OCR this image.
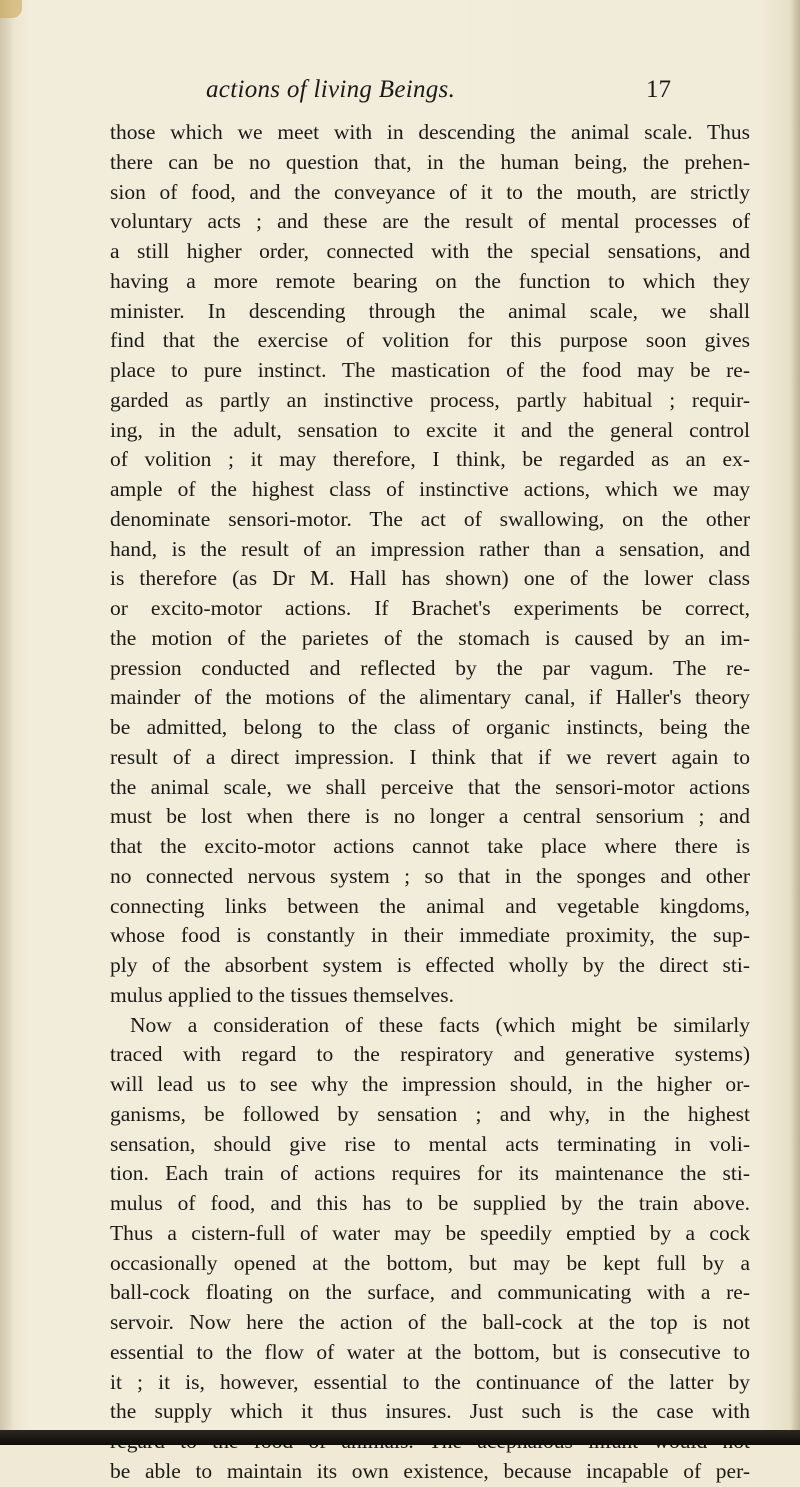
actions of living Beings.	17
those which we meet with in descending the animal scale. Thus
there can be no question that, in the human being, the prehen-
sion of food, and the conveyance of it to the mouth, are strictly
voluntary acts ; and these are the result of mental processes of
a still higher order, connected with the special sensations, and
having a more remote bearing on the function to which they
minister. In descending through the animal scale, we shall
find that the exercise of volition for this purpose soon gives
place to pure instinct. The mastication of the food may be re-
garded as partly an instinctive process, partly habitual ; requir-
ing, in the adult, sensation to excite it and the general control
of volition ; it may therefore, I think, be regarded as an ex-
ample of the highest class of instinctive actions, which we may
denominate sensori-motor. The act of swallowing, on the other
hand, is the result of an impression rather than a sensation, and
is therefore (as Dr M. Hall has shown) one of the lower class
or excito-motor actions. If Brachet's experiments be correct,
the motion of the parietes of the stomach is caused by an im-
pression conducted and reflected by the par vagum. The re-
mainder of the motions of the alimentary canal, if Haller's theory
be admitted, belong to the class of organic instincts, being the
result of a direct impression. I think that if we revert again to
the animal scale, we shall perceive that the sensori-motor actions
must be lost when there is no longer a central sensorium ; and
that the excito-motor actions cannot take place where there is
no connected nervous system ; so that in the sponges and other
connecting links between the animal and vegetable kingdoms,
whose food is constantly in their immediate proximity, the sup-
ply of the absorbent system is effected wholly by the direct sti-
mulus applied to the tissues themselves.
Now a consideration of these facts (which might be similarly
traced with regard to the respiratory and generative systems)
will lead us to see why the impression should, in the higher or-
ganisms, be followed by sensation ; and why, in the highest
sensation, should give rise to mental acts terminating in voli-
tion. Each train of actions requires for its maintenance the sti-
mulus of food, and this has to be supplied by the train above.
Thus a cistern-full of water may be speedily emptied by a cock
occasionally opened at the bottom, but may be kept full by a
ball-cock floating on the surface, and communicating with a re-
servoir. Now here the action of the ball-cock at the top is not
essential to the flow of water at the bottom, but is consecutive to
it ; it is, however, essential to the continuance of the latter by
the supply which it thus insures. Just such is the case with
be able to maintain its own existence, because incapable of per-
